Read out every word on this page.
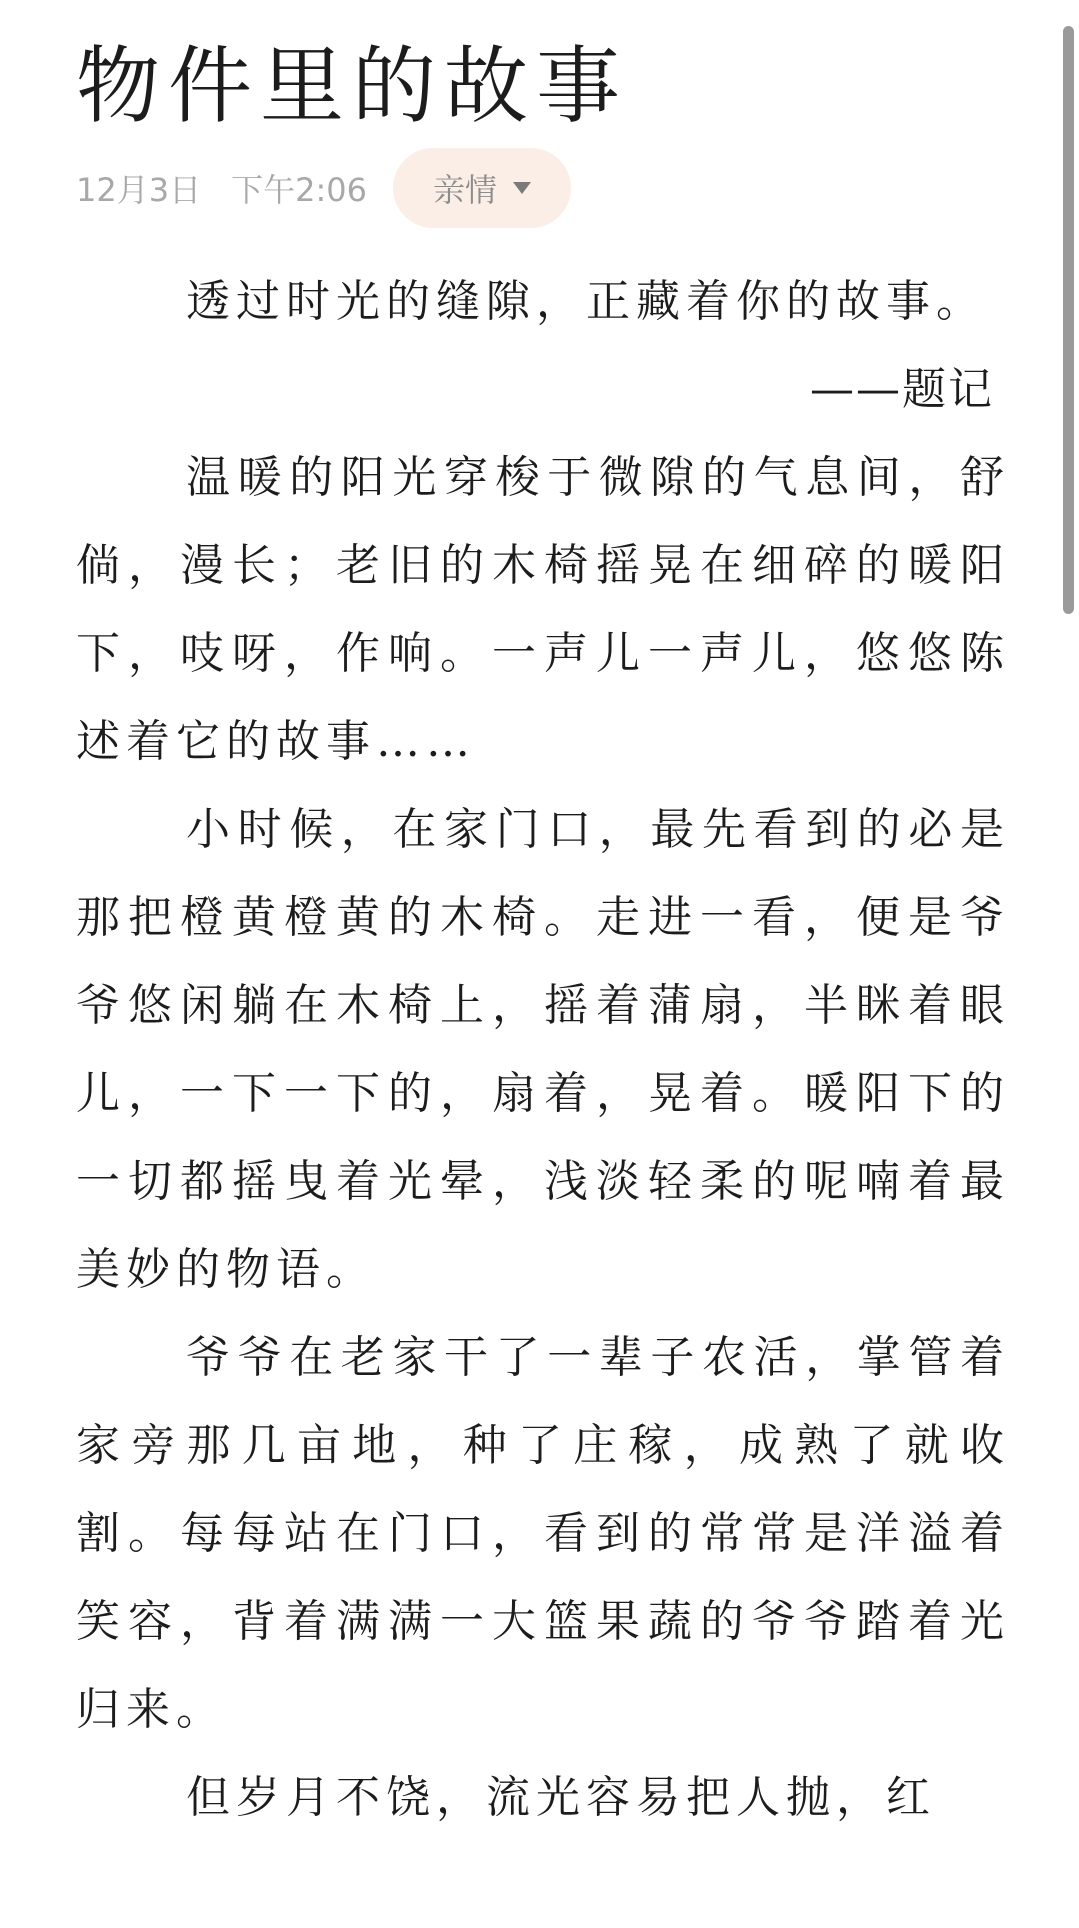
物件里的故事
12月3日 下午2:06 亲情

透过时光的缝隙，正藏着你的故事。

——题记

温暖的阳光穿梭于微隙的气息间，舒倘，漫长；老旧的木椅摇晃在细碎的暖阳下，吱呀，作响。一声儿一声儿，悠悠陈述着它的故事……

小时候，在家门口，最先看到的必是那把橙黄橙黄的木椅。走进一看，便是爷爷悠闲躺在木椅上，摇着蒲扇，半眯着眼儿，一下一下的，扇着，晃着。暖阳下的一切都摇曳着光晕，浅淡轻柔的呢喃着最美妙的物语。

爷爷在老家干了一辈子农活，掌管着家旁那几亩地，种了庄稼，成熟了就收割。每每站在门口，看到的常常是洋溢着笑容，背着满满一大篮果蔬的爷爷踏着光归来。

但岁月不饶，流光容易把人抛，红
